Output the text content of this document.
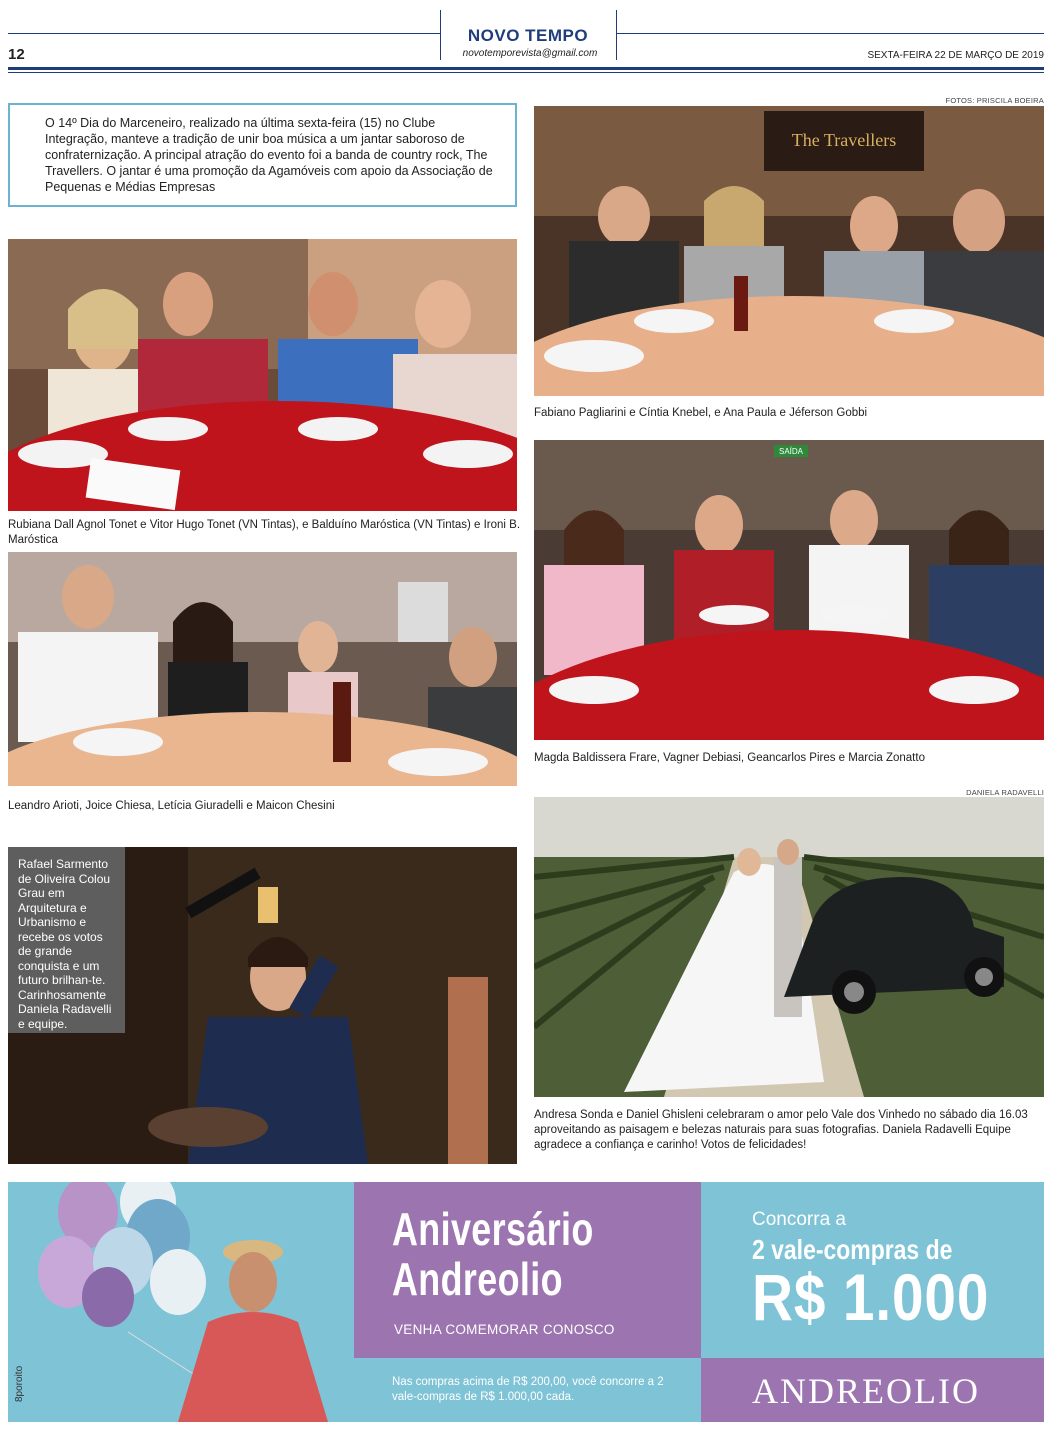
NOVO TEMPO
novotemporevista@gmail.com
12	SEXTA-FEIRA 22 DE MARÇO DE 2019

O 14º Dia do Marceneiro, realizado na última sexta-feira (15) no Clube Integração, manteve a tradição de unir boa música a um jantar saboroso de confraternização. A principal atração do evento foi a banda de country rock, The Travellers. O jantar é uma promoção da Agamóveis com apoio da Associação de Pequenas e Médias Empresas

FOTOS: PRISCILA BOEIRA
Rubiana Dall Agnol Tonet e Vitor Hugo Tonet (VN Tintas), e Balduíno Maróstica (VN Tintas) e Ironi B. Maróstica
The Travellers
Fabiano Pagliarini e Cíntia Knebel, e Ana Paula e Jéferson Gobbi
Leandro Arioti, Joice Chiesa, Letícia Giuradelli e Maicon Chesini
SAÍDA
Magda Baldissera Frare, Vagner Debiasi, Geancarlos Pires e Marcia Zonatto
Rafael Sarmento de Oliveira Colou Grau em Arquitetura e Urbanismo e recebe os votos de grande conquista e um futuro brilhan-te. Carinhosamente Daniela Radavelli e equipe.
DANIELA RADAVELLI
Andresa Sonda e Daniel Ghisleni celebraram o amor pelo Vale dos Vinhedo no sábado dia 16.03 aproveitando as paisagem e belezas naturais para suas fotografias. Daniela Radavelli Equipe agradece a confiança e carinho! Votos de felicidades!
8poroito
Aniversário
Andreolio
VENHA COMEMORAR CONOSCO
Concorra a
2 vale-compras de
R$ 1.000
Nas compras acima de R$ 200,00, você concorre a 2 vale-compras de R$ 1.000,00 cada.	ANDREOLIO
